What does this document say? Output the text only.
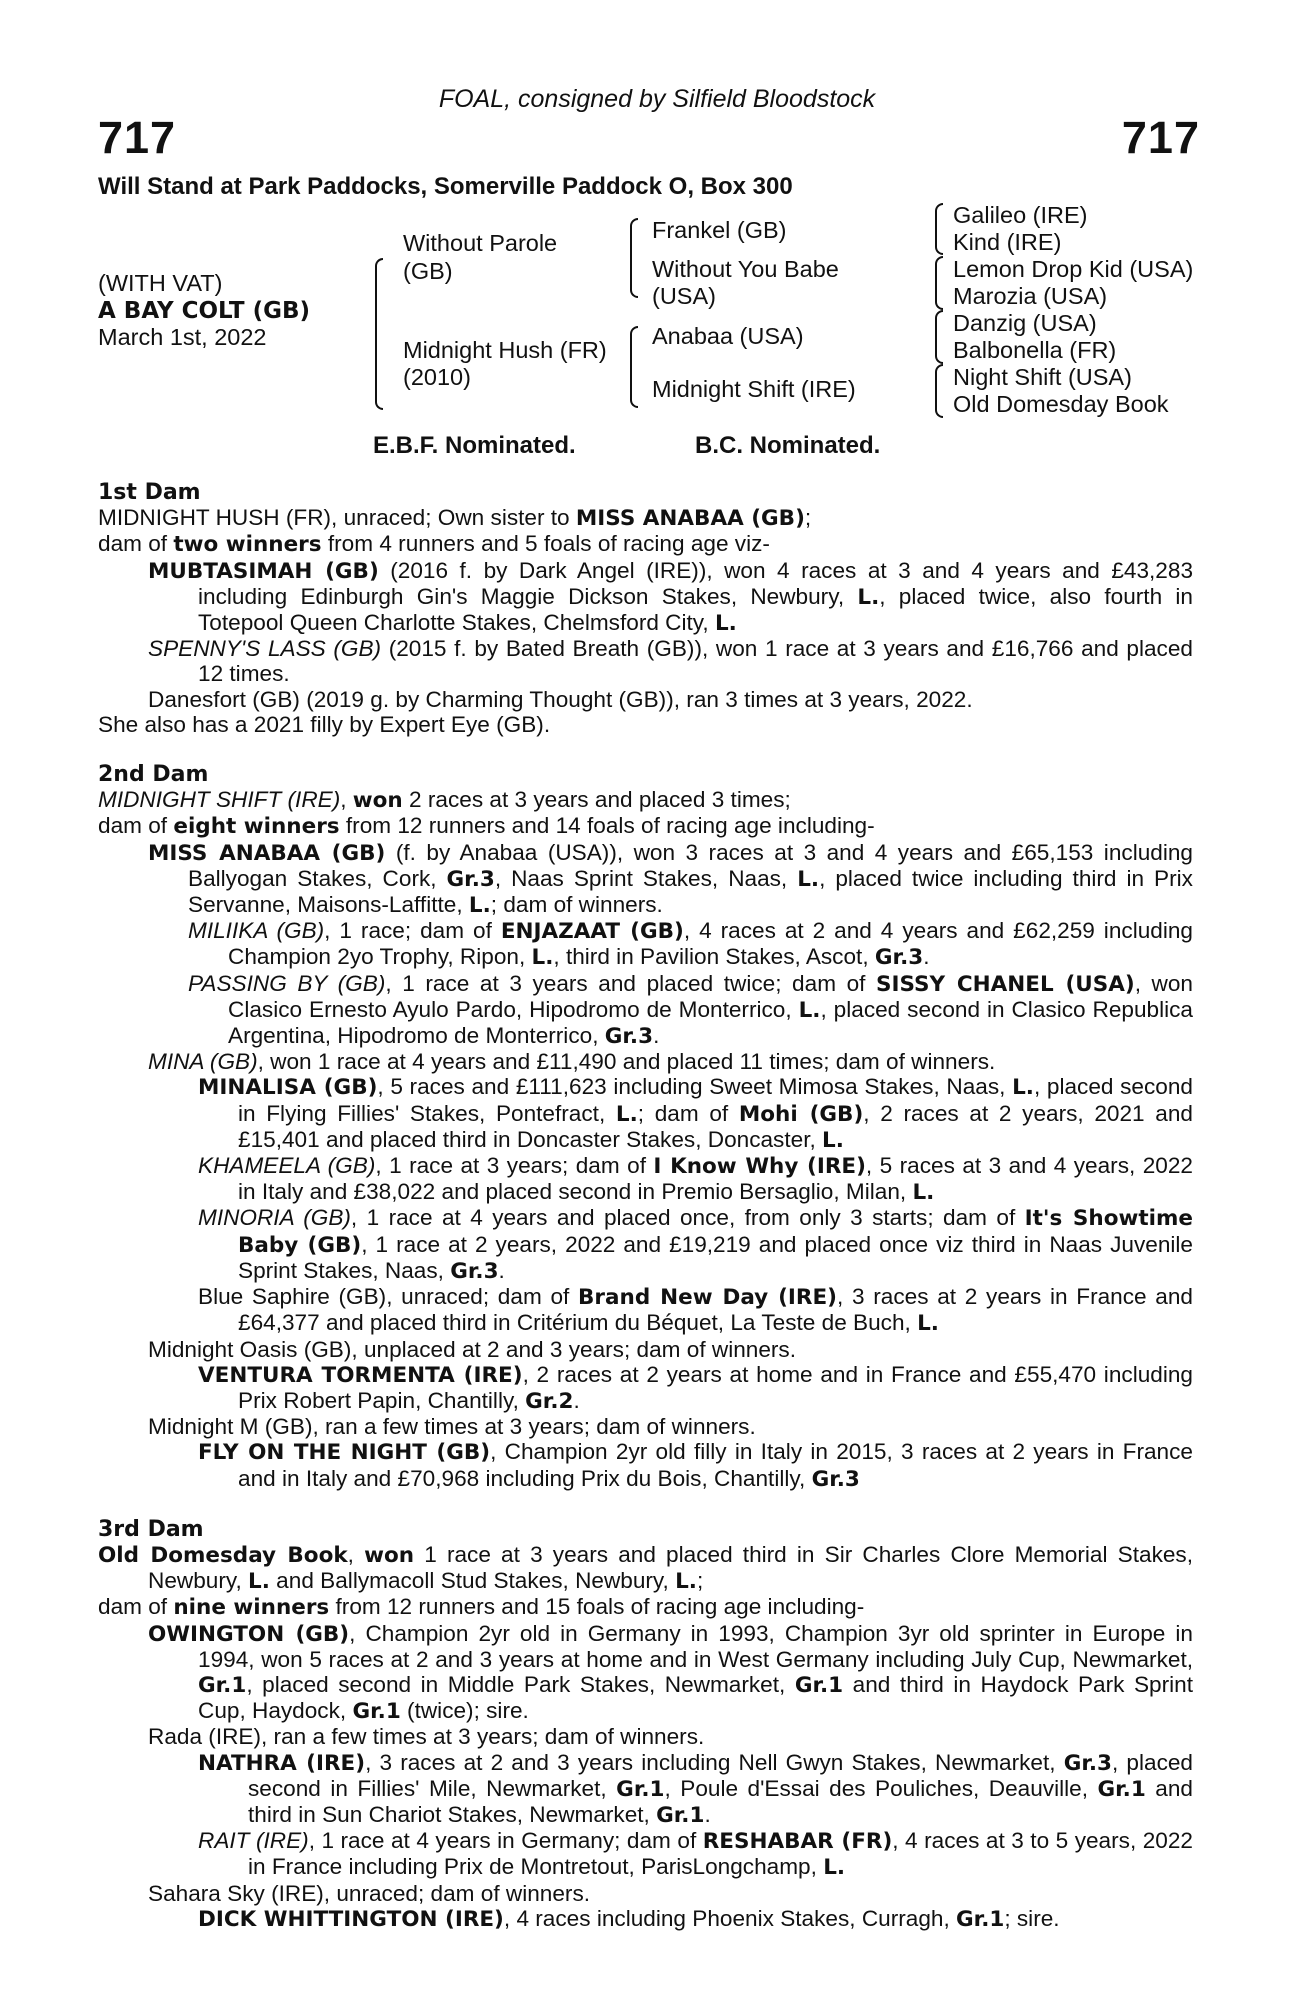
FOAL, consigned by Silfield Bloodstock
717	717
Will Stand at Park Paddocks, Somerville Paddock O, Box 300
(WITH VAT)
A BAY COLT (GB)
March 1st, 2022
Without Parole
(GB)
Midnight Hush (FR)
(2010)
Frankel (GB)
Without You Babe
(USA)
Anabaa (USA)
Midnight Shift (IRE)
Galileo (IRE)
Kind (IRE)
Lemon Drop Kid (USA)
Marozia (USA)
Danzig (USA)
Balbonella (FR)
Night Shift (USA)
Old Domesday Book
E.B.F. Nominated.	B.C. Nominated.

1st Dam

MIDNIGHT HUSH (FR), unraced; Own sister to MISS ANABAA (GB);

dam of two winners from 4 runners and 5 foals of racing age viz-

MUBTASIMAH (GB) (2016 f. by Dark Angel (IRE)), won 4 races at 3 and 4 years and £43,283 including Edinburgh Gin's Maggie Dickson Stakes, Newbury, L., placed twice, also fourth in Totepool Queen Charlotte Stakes, Chelmsford City, L.

SPENNY'S LASS (GB) (2015 f. by Bated Breath (GB)), won 1 race at 3 years and £16,766 and placed 12 times.

Danesfort (GB) (2019 g. by Charming Thought (GB)), ran 3 times at 3 years, 2022.

She also has a 2021 filly by Expert Eye (GB).

2nd Dam

MIDNIGHT SHIFT (IRE), won 2 races at 3 years and placed 3 times;

dam of eight winners from 12 runners and 14 foals of racing age including-

MISS ANABAA (GB) (f. by Anabaa (USA)), won 3 races at 3 and 4 years and £65,153 including Ballyogan Stakes, Cork, Gr.3, Naas Sprint Stakes, Naas, L., placed twice including third in Prix Servanne, Maisons-Laffitte, L.; dam of winners.

MILIIKA (GB), 1 race; dam of ENJAZAAT (GB), 4 races at 2 and 4 years and £62,259 including Champion 2yo Trophy, Ripon, L., third in Pavilion Stakes, Ascot, Gr.3.

PASSING BY (GB), 1 race at 3 years and placed twice; dam of SISSY CHANEL (USA), won Clasico Ernesto Ayulo Pardo, Hipodromo de Monterrico, L., placed second in Clasico Republica Argentina, Hipodromo de Monterrico, Gr.3.

MINA (GB), won 1 race at 4 years and £11,490 and placed 11 times; dam of winners.

MINALISA (GB), 5 races and £111,623 including Sweet Mimosa Stakes, Naas, L., placed second in Flying Fillies' Stakes, Pontefract, L.; dam of Mohi (GB), 2 races at 2 years, 2021 and £15,401 and placed third in Doncaster Stakes, Doncaster, L.

KHAMEELA (GB), 1 race at 3 years; dam of I Know Why (IRE), 5 races at 3 and 4 years, 2022 in Italy and £38,022 and placed second in Premio Bersaglio, Milan, L.

MINORIA (GB), 1 race at 4 years and placed once, from only 3 starts; dam of It's Showtime Baby (GB), 1 race at 2 years, 2022 and £19,219 and placed once viz third in Naas Juvenile Sprint Stakes, Naas, Gr.3.

Blue Saphire (GB), unraced; dam of Brand New Day (IRE), 3 races at 2 years in France and £64,377 and placed third in Critérium du Béquet, La Teste de Buch, L.

Midnight Oasis (GB), unplaced at 2 and 3 years; dam of winners.

VENTURA TORMENTA (IRE), 2 races at 2 years at home and in France and £55,470 including Prix Robert Papin, Chantilly, Gr.2.

Midnight M (GB), ran a few times at 3 years; dam of winners.

FLY ON THE NIGHT (GB), Champion 2yr old filly in Italy in 2015, 3 races at 2 years in France and in Italy and £70,968 including Prix du Bois, Chantilly, Gr.3

3rd Dam

Old Domesday Book, won 1 race at 3 years and placed third in Sir Charles Clore Memorial Stakes, Newbury, L. and Ballymacoll Stud Stakes, Newbury, L.;

dam of nine winners from 12 runners and 15 foals of racing age including-

OWINGTON (GB), Champion 2yr old in Germany in 1993, Champion 3yr old sprinter in Europe in 1994, won 5 races at 2 and 3 years at home and in West Germany including July Cup, Newmarket, Gr.1, placed second in Middle Park Stakes, Newmarket, Gr.1 and third in Haydock Park Sprint Cup, Haydock, Gr.1 (twice); sire.

Rada (IRE), ran a few times at 3 years; dam of winners.

NATHRA (IRE), 3 races at 2 and 3 years including Nell Gwyn Stakes, Newmarket, Gr.3, placed second in Fillies' Mile, Newmarket, Gr.1, Poule d'Essai des Pouliches, Deauville, Gr.1 and third in Sun Chariot Stakes, Newmarket, Gr.1.

RAIT (IRE), 1 race at 4 years in Germany; dam of RESHABAR (FR), 4 races at 3 to 5 years, 2022 in France including Prix de Montretout, ParisLongchamp, L.

Sahara Sky (IRE), unraced; dam of winners.

DICK WHITTINGTON (IRE), 4 races including Phoenix Stakes, Curragh, Gr.1; sire.
